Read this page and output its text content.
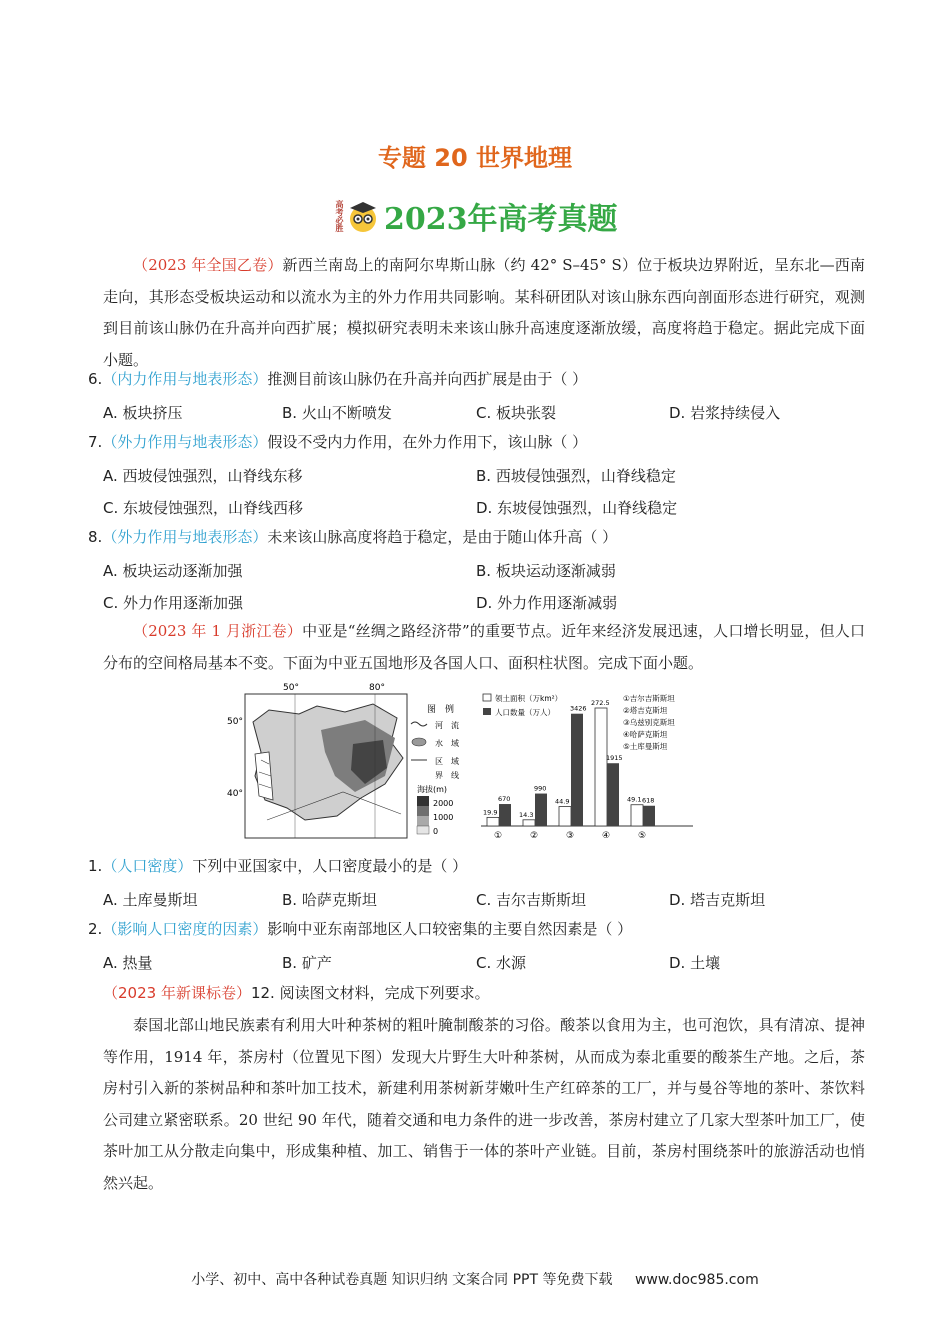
专题 20 世界地理
高考必胜 2023年高考真题
（2023 年全国乙卷）新西兰南岛上的南阿尔卑斯山脉（约 42° S–45° S）位于板块边界附近，呈东北—西南走向，其形态受板块运动和以流水为主的外力作用共同影响。某科研团队对该山脉东西向剖面形态进行研究，观测到目前该山脉仍在升高并向西扩展；模拟研究表明未来该山脉升高速度逐渐放缓，高度将趋于稳定。据此完成下面小题。
6.（内力作用与地表形态）推测目前该山脉仍在升高并向西扩展是由于（ ）
A. 板块挤压	B. 火山不断喷发	C. 板块张裂	D. 岩浆持续侵入
7.（外力作用与地表形态）假设不受内力作用，在外力作用下，该山脉（ ）
A. 西坡侵蚀强烈，山脊线东移	B. 西坡侵蚀强烈，山脊线稳定
C. 东坡侵蚀强烈，山脊线西移	D. 东坡侵蚀强烈，山脊线稳定
8.（外力作用与地表形态）未来该山脉高度将趋于稳定，是由于随山体升高（ ）
A. 板块运动逐渐加强	B. 板块运动逐渐减弱
C. 外力作用逐渐加强	D. 外力作用逐渐减弱
（2023 年 1 月浙江卷）中亚是“丝绸之路经济带”的重要节点。近年来经济发展迅速，人口增长明显，但人口分布的空间格局基本不变。下面为中亚五国地形及各国人口、面积柱状图。完成下面小题。
50°	80°
50°
40°
图　例
河　流
水　域
区　域
界　线
海拔(m)
2000
1000
0
领土面积（万km²）
人口数量（万人）
①吉尔吉斯斯坦
②塔吉克斯坦
③乌兹别克斯坦
④哈萨克斯坦
⑤土库曼斯坦
19.9
670
①
14.3
990
②
44.9
3426
③
272.5
1915
④
49.1 618
⑤
1.（人口密度）下列中亚国家中，人口密度最小的是（ ）
A. 土库曼斯坦	B. 哈萨克斯坦	C. 吉尔吉斯斯坦	D. 塔吉克斯坦
2.（影响人口密度的因素）影响中亚东南部地区人口较密集的主要自然因素是（ ）
A. 热量	B. 矿产	C. 水源	D. 土壤
（2023 年新课标卷）12. 阅读图文材料，完成下列要求。
泰国北部山地民族素有利用大叶种茶树的粗叶腌制酸茶的习俗。酸茶以食用为主，也可泡饮，具有清凉、提神等作用，1914 年，茶房村（位置见下图）发现大片野生大叶种茶树，从而成为泰北重要的酸茶生产地。之后，茶房村引入新的茶树品种和茶叶加工技术，新建利用茶树新芽嫩叶生产红碎茶的工厂，并与曼谷等地的茶叶、茶饮料公司建立紧密联系。20 世纪 90 年代，随着交通和电力条件的进一步改善，茶房村建立了几家大型茶叶加工厂，使茶叶加工从分散走向集中，形成集种植、加工、销售于一体的茶叶产业链。目前，茶房村围绕茶叶的旅游活动也悄然兴起。
小学、初中、高中各种试卷真题 知识归纳 文案合同 PPT 等免费下载 www.doc985.com
